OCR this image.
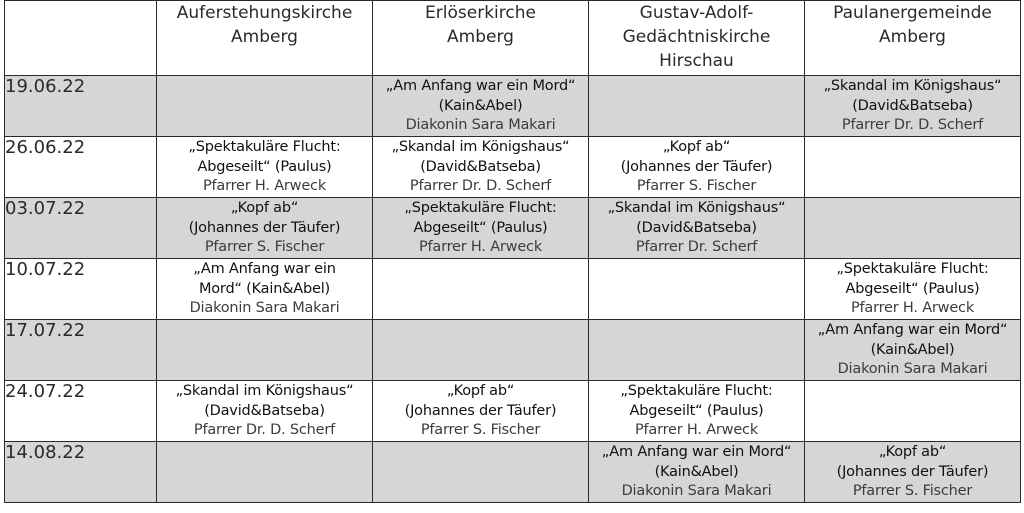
	Auferstehungskirche
Amberg	Erlöserkirche
Amberg	Gustav-Adolf-
Gedächtniskirche
Hirschau	Paulanergemeinde
Amberg

19.06.22		„Am Anfang war ein Mord“
(Kain&Abel)
Diakonin Sara Makari		„Skandal im Königshaus“
(David&Batseba)
Pfarrer Dr. D. Scherf

26.06.22	„Spektakuläre Flucht:
Abgeseilt“ (Paulus)
Pfarrer H. Arweck	„Skandal im Königshaus“
(David&Batseba)
Pfarrer Dr. D. Scherf	„Kopf ab“
(Johannes der Täufer)
Pfarrer S. Fischer	

03.07.22	„Kopf ab“
(Johannes der Täufer)
Pfarrer S. Fischer	„Spektakuläre Flucht:
Abgeseilt“ (Paulus)
Pfarrer H. Arweck	„Skandal im Königshaus“
(David&Batseba)
Pfarrer Dr. Scherf	

10.07.22	„Am Anfang war ein
Mord“ (Kain&Abel)
Diakonin Sara Makari			„Spektakuläre Flucht:
Abgeseilt“ (Paulus)
Pfarrer H. Arweck

17.07.22				„Am Anfang war ein Mord“
(Kain&Abel)
Diakonin Sara Makari

24.07.22	„Skandal im Königshaus“
(David&Batseba)
Pfarrer Dr. D. Scherf	„Kopf ab“
(Johannes der Täufer)
Pfarrer S. Fischer	„Spektakuläre Flucht:
Abgeseilt“ (Paulus)
Pfarrer H. Arweck	

14.08.22			„Am Anfang war ein Mord“
(Kain&Abel)
Diakonin Sara Makari	„Kopf ab“
(Johannes der Täufer)
Pfarrer S. Fischer
